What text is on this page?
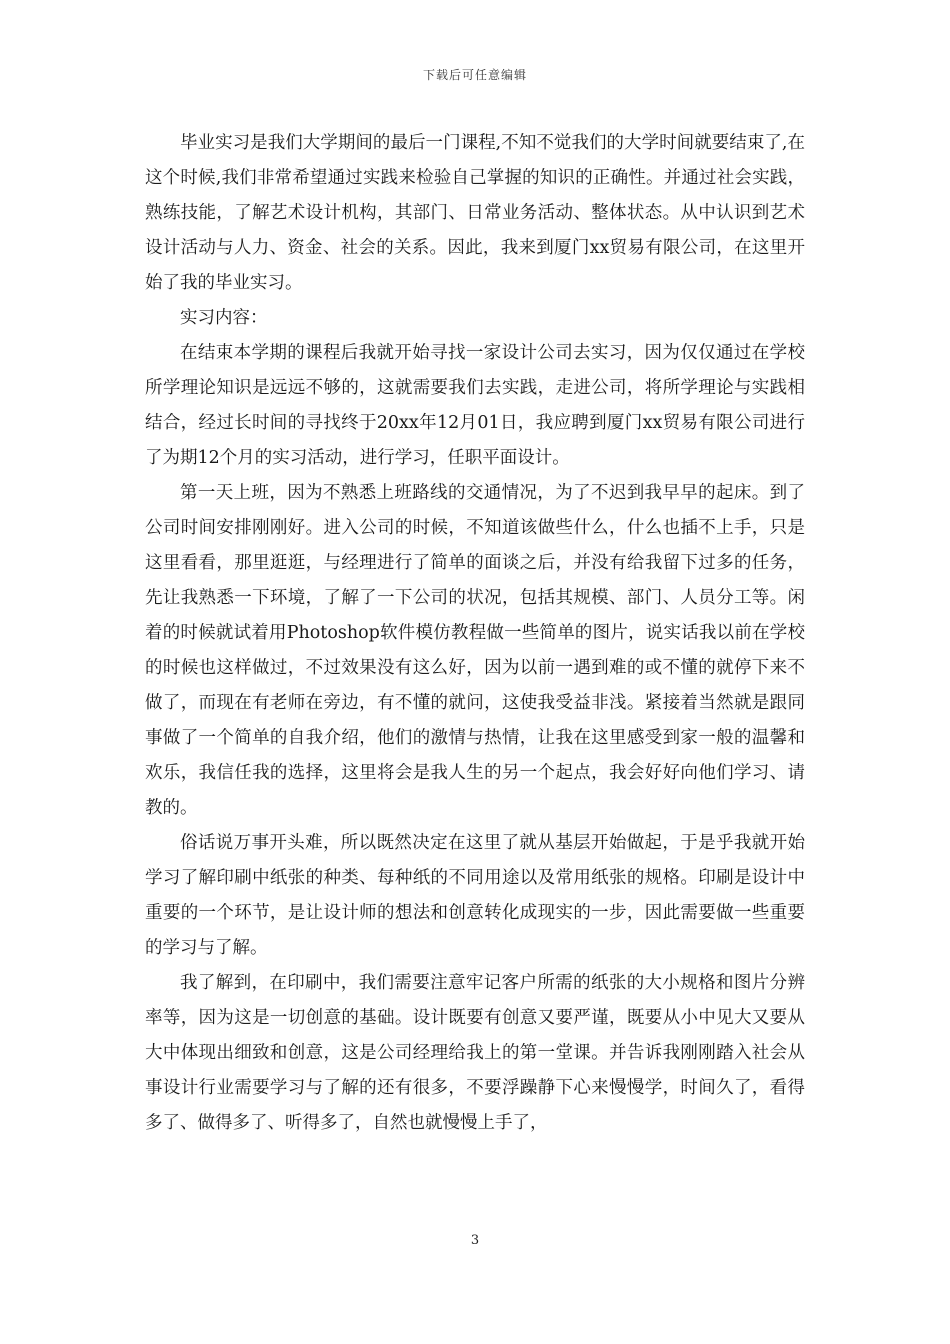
下载后可任意编辑

毕业实习是我们大学期间的最后一门课程,不知不觉我们的大学时间就要结束了,在这个时候,我们非常希望通过实践来检验自己掌握的知识的正确性。并通过社会实践，熟练技能，了解艺术设计机构，其部门、日常业务活动、整体状态。从中认识到艺术设计活动与人力、资金、社会的关系。因此，我来到厦门xx贸易有限公司，在这里开始了我的毕业实习。

实习内容：

在结束本学期的课程后我就开始寻找一家设计公司去实习，因为仅仅通过在学校所学理论知识是远远不够的，这就需要我们去实践，走进公司，将所学理论与实践相结合，经过长时间的寻找终于20xx年12月01日，我应聘到厦门xx贸易有限公司进行了为期12个月的实习活动，进行学习，任职平面设计。

第一天上班，因为不熟悉上班路线的交通情况，为了不迟到我早早的起床。到了公司时间安排刚刚好。进入公司的时候，不知道该做些什么，什么也插不上手，只是这里看看，那里逛逛，与经理进行了简单的面谈之后，并没有给我留下过多的任务，先让我熟悉一下环境，了解了一下公司的状况，包括其规模、部门、人员分工等。闲着的时候就试着用Photoshop软件模仿教程做一些简单的图片，说实话我以前在学校的时候也这样做过，不过效果没有这么好，因为以前一遇到难的或不懂的就停下来不做了，而现在有老师在旁边，有不懂的就问，这使我受益非浅。紧接着当然就是跟同事做了一个简单的自我介绍，他们的激情与热情，让我在这里感受到家一般的温馨和欢乐，我信任我的选择，这里将会是我人生的另一个起点，我会好好向他们学习、请教的。

俗话说万事开头难，所以既然决定在这里了就从基层开始做起，于是乎我就开始学习了解印刷中纸张的种类、每种纸的不同用途以及常用纸张的规格。印刷是设计中重要的一个环节，是让设计师的想法和创意转化成现实的一步，因此需要做一些重要的学习与了解。

我了解到，在印刷中，我们需要注意牢记客户所需的纸张的大小规格和图片分辨率等，因为这是一切创意的基础。设计既要有创意又要严谨，既要从小中见大又要从大中体现出细致和创意，这是公司经理给我上的第一堂课。并告诉我刚刚踏入社会从事设计行业需要学习与了解的还有很多，不要浮躁静下心来慢慢学，时间久了，看得多了、做得多了、听得多了，自然也就慢慢上手了，

3
